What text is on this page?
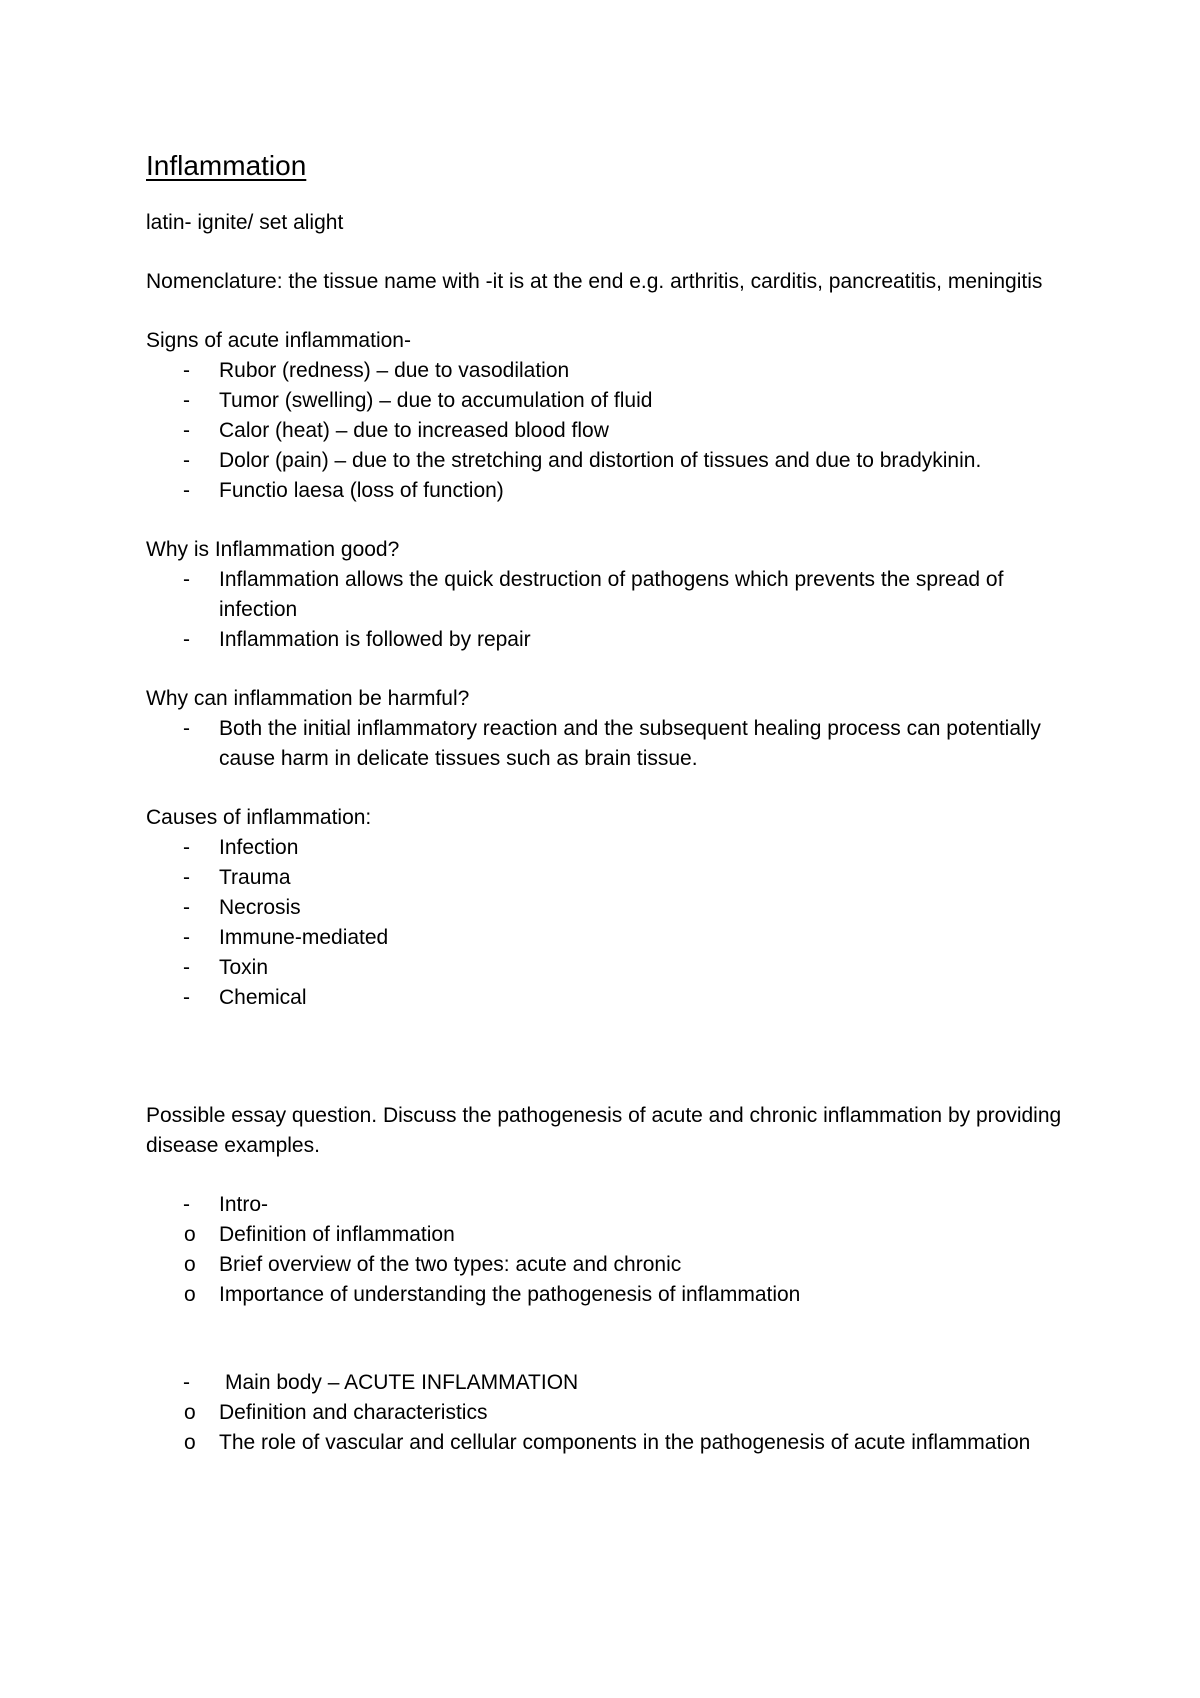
Inflammation

latin- ignite/ set alight

Nomenclature: the tissue name with -it is at the end e.g. arthritis, carditis, pancreatitis, meningitis

Signs of acute inflammation-

- Rubor (redness) – due to vasodilation
- Tumor (swelling) – due to accumulation of fluid
- Calor (heat) – due to increased blood flow
- Dolor (pain) – due to the stretching and distortion of tissues and due to bradykinin.
- Functio laesa (loss of function)

Why is Inflammation good?

- Inflammation allows the quick destruction of pathogens which prevents the spread of infection
- Inflammation is followed by repair

Why can inflammation be harmful?

- Both the initial inflammatory reaction and the subsequent healing process can potentially cause harm in delicate tissues such as brain tissue.

Causes of inflammation:

- Infection
- Trauma
- Necrosis
- Immune-mediated
- Toxin
- Chemical

Possible essay question. Discuss the pathogenesis of acute and chronic inflammation by providing disease examples.

- Intro-
o Definition of inflammation
o Brief overview of the two types: acute and chronic
o Importance of understanding the pathogenesis of inflammation
- Main body – ACUTE INFLAMMATION
o Definition and characteristics
o The role of vascular and cellular components in the pathogenesis of acute inflammation
